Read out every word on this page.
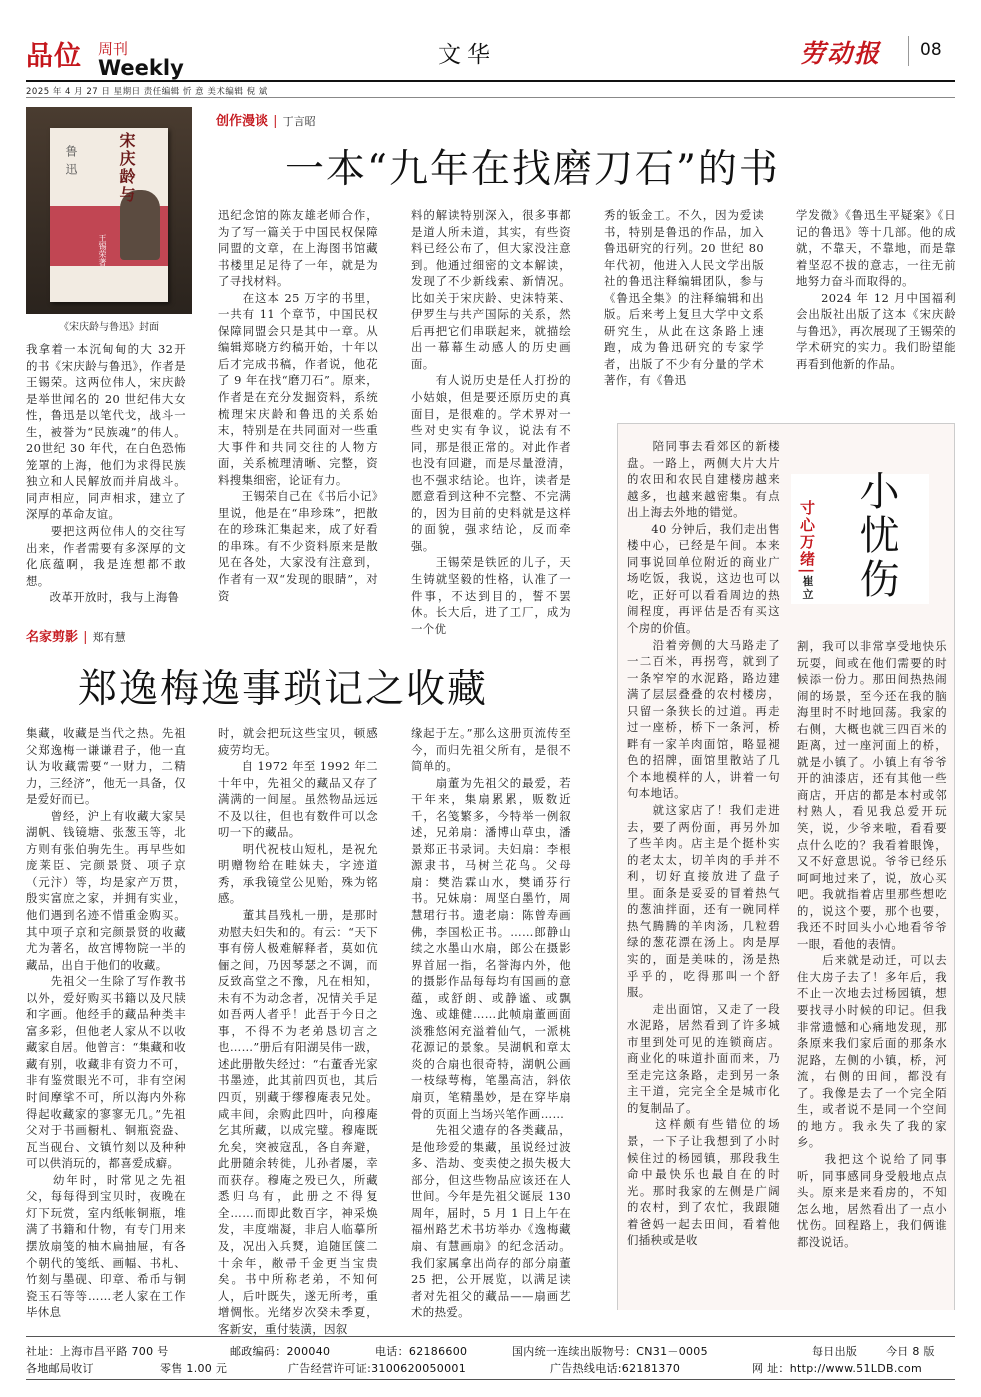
品位 周刊
Weekly	文华	劳动报 08
2025 年 4 月 27 日 星期日 责任编辑 忻 意 美术编辑 倪 斌
鲁迅	宋庆龄与
王锡荣著
《宋庆龄与鲁迅》封面
创作漫谈 | 丁言昭
一本“九年在找磨刀石”的书
我拿着一本沉甸甸的大 32开的书《宋庆龄与鲁迅》，作者是王锡荣。这两位伟人，宋庆龄是举世闻名的 20 世纪伟大女性，鲁迅是以笔代戈，战斗一生，被誉为“民族魂”的伟人。20世纪 30 年代，在白色恐怖笼罩的上海，他们为求得民族独立和人民解放而并肩战斗。同声相应，同声相求，建立了深厚的革命友谊。
　　要把这两位伟人的交往写出来，作者需要有多深厚的文化底蕴啊，我是连想都不敢想。
　　改革开放时，我与上海鲁
迅纪念馆的陈友雄老师合作，为了写一篇关于中国民权保障同盟的文章，在上海图书馆藏书楼里足足待了一年，就是为了寻找材料。
　　在这本 25 万字的书里，一共有 11 个章节，中国民权保障同盟会只是其中一章。从编辑郑晓方约稿开始，十年以后才完成书稿，作者说，他花了 9 年在找“磨刀石”。原来，作者是在充分发掘资料，系统梳理宋庆龄和鲁迅的关系始末，特别是在共同面对一些重大事件和共同交往的人物方面，关系梳理清晰、完整，资料搜集细密，论证有力。
　　王锡荣自己在《书后小记》里说，他是在“串珍珠”，把散在的珍珠汇集起来，成了好看的串珠。有不少资料原来是散见在各处，大家没有注意到，作者有一双“发现的眼睛”，对资
料的解读特别深入，很多事都是道人所未道，其实，有些资料已经公布了，但大家没注意到。他通过细密的文本解读，发现了不少新线索、新情况。比如关于宋庆龄、史沫特莱、伊罗生与共产国际的关系，然后再把它们串联起来，就描绘出一幕幕生动感人的历史画面。
　　有人说历史是任人打扮的小姑娘，但是要还原历史的真面目，是很难的。学术界对一些对史实有争议，说法有不同，那是很正常的。对此作者也没有回避，而是尽量澄清，也不强求结论。也许，读者是愿意看到这种不完整、不完满的，因为目前的史料就是这样的面貌，强求结论，反而牵强。
　　王锡荣是铁匠的儿子，天生铸就坚毅的性格，认准了一件事，不达到目的，誓不罢休。长大后，进了工厂，成为一个优
秀的钣金工。不久，因为爱读书，特别是鲁迅的作品，加入鲁迅研究的行列。20 世纪 80 年代初，他进入人民文学出版社的鲁迅注释编辑团队，参与《鲁迅全集》的注释编辑和出版。后来考上复旦大学中文系研究生，从此在这条路上速跑，成为鲁迅研究的专家学者，出版了不少有分量的学术著作，有《鲁迅
学发微》《鲁迅生平疑案》《日记的鲁迅》等十几部。他的成就，不靠天，不靠地，而是靠着坚忍不拔的意志，一往无前地努力奋斗而取得的。
　　2024 年 12 月中国福利会出版社出版了这本《宋庆龄与鲁迅》，再次展现了王锡荣的学术研究的实力。我们盼望能再看到他新的作品。
名家剪影 | 郑有慧
郑逸梅逸事琐记之收藏
集藏，收藏是当代之热。先祖父郑逸梅一谦谦君子，他一直认为收藏需要“一财力，二精力，三经济”，他无一具备，仅是爱好而已。
　　曾经，沪上有收藏大家吴湖帆、钱镜塘、张葱玉等，北方则有张伯驹先生。再早些如庞莱臣、完颜景贤、项子京（元汴）等，均是家产万贯，殷实富庶之家，并拥有实业，他们遇到名迹不惜重金购买。其中项子京和完颜景贤的收藏尤为著名，故宫博物院一半的藏品，出自于他们的收藏。
　　先祖父一生除了写作教书以外，爱好购买书籍以及尺牍和字画。他经手的藏品种类丰富多彩，但他老人家从不以收藏家自居。他曾言：“集藏和收藏有别，收藏非有资力不可，非有鉴赏眼光不可，非有空闲时间摩挲不可，所以海内外称得起收藏家的寥寥无几。”先祖父对于书画橱札、铜瓶瓷盎、瓦当砚台、文镇竹刻以及种种可以供消玩的，都喜爱成癖。
　　幼年时，时常见之先祖父，每每得到宝贝时，夜晚在灯下玩赏，室内纸帐铜瓶，堆满了书籍和什物，有专门用来摆放扇笺的柚木扁抽屉，有各个朝代的笺纸、画幅、书札、竹刻与墨砚、印章、希币与铜瓷玉石等等……老人家在工作毕休息
时，就会把玩这些宝贝，顿感疲劳均无。
　　自 1972 年至 1992 年二十年中，先祖父的藏品又存了满满的一间屋。虽然物品远远不及以往，但也有数件可以念叨一下的藏品。
　　明代祝枝山短札，是祝允明赠物给在畦妹夫，字迹道秀，承我镜堂公见贻，殊为铭感。
　　董其昌残札一册，是那时劝慰夫妇失和的。有云：“天下事有傍人极难解释者，莫如伉俪之间，乃因琴瑟之不调，而反致高堂之不豫，凡在相知，未有不为动念者，况情关手足如吾两人者乎！此吾于今日之事，不得不为老弟恳切言之也……”册后有阳湖吴伟一跋，述此册散失经过：“右董香光家书墨迹，此其前四页也，其后四页，别藏于缪穆庵表兄处。咸丰间，余购此四叶，向穆庵乞其所藏，以成完璧。穆庵既允矣，突被寇乱，各自奔避，此册随余转徙，儿孙者屡，幸而获存。穆庵之殁已久，所藏悉归乌有，此册之不得复全……而即此数百字，神采焕发，丰度端凝，非启人临摹所及，况出入兵燹，追随匡箧二十余年，敝帚千金更当宝贵矣。书中所称老弟，不知何人，后叶既失，遂无所考，重增惆怅。光绪岁次癸未季夏，客新安，重付装潢，因叙
缘起于左。”那么这册页流传至今，而归先祖父所有，是很不简单的。
　　扇董为先祖父的最爱，若干年来，集扇累累，贩数近千，名笺繁多，今特举一例叙述，兄弟扇：潘博山草虫，潘景郑正书录词。夫妇扇：李根源隶书，马树兰花鸟。父母扇：樊浩霖山水，樊诵芬行书。兄妹扇：周坚白墨竹，周慧珺行书。遗老扇：陈曾寿画佛，李国松正书。……郎静山续之水墨山水扇，郎公在摄影界首屈一指，名誉海内外，他的摄影作品每每均有国画的意蕴，或舒朗、或静谧、或飘逸、或雄健……此帧扇董画面淡雅悠闲充溢着仙气，一派桃花源记的景象。吴湖帆和章太炎的合扇也很奇特，湖帆公画一枝绿萼梅，笔墨高洁，斜依扇页，笔精墨妙，是在穿毕扇骨的页面上当场兴笔作画……
　　先祖父遗存的各类藏品，是他珍爱的集藏，虽说经过波多、浩劫、变卖使之损失极大部分，但这些物品应该还在人世间。今年是先祖父诞辰 130 周年，届时，5 月 1 日上午在福州路艺术书坊举办《逸梅藏扇、有慧画扇》的纪念活动。我们家属拿出尚存的部分扇董 25 把，公开展览，以满足读者对先祖父的藏品——扇画艺术的热爱。
寸心万绪|崔立 小忧伤
　　陪同事去看郊区的新楼盘。一路上，两侧大片大片的农田和农民自建楼房越来越多，也越来越密集。有点出上海去外地的错觉。
　　40 分钟后，我们走出售楼中心，已经是午间。本来同事说回单位附近的商业广场吃饭，我说，这边也可以吃，正好可以看看周边的热闹程度，再评估是否有买这个房的价值。
　　沿着旁侧的大马路走了一二百米，再拐弯，就到了一条窄窄的水泥路，路边建满了层层叠叠的农村楼房，只留一条狭长的过道。再走过一座桥，桥下一条河，桥畔有一家羊肉面馆，略显褪色的招牌，面馆里散站了几个本地模样的人，讲着一句句本地话。
　　就这家店了！我们走进去，要了两份面，再另外加了些羊肉。店主是个挺朴实的老太太，切羊肉的手并不利，切好直接放进了盘子里。面条是妥妥的冒着热气的葱油拌面，还有一碗同样热气腾腾的羊肉汤，几粒碧绿的葱花漂在汤上。肉是厚实的，面是美味的，汤是热乎乎的，吃得那叫一个舒服。
　　走出面馆，又走了一段水泥路，居然看到了许多城市里到处可见的连锁商店。商业化的味道扑面而来，乃至走完这条路，走到另一条主干道，完完全全是城市化的复制品了。
　　这样颇有些错位的场景，一下子让我想到了小时候住过的杨园镇，那段我生命中最快乐也最自在的时光。那时我家的左侧是广阔的农村，到了农忙，我跟随着爸妈一起去田间，看着他们插秧或是收
割，我可以非常享受地快乐玩耍，间或在他们需要的时候添一份力。那田间热热闹闹的场景，至今还在我的脑海里时不时地回荡。我家的右侧，大概也就三四百米的距离，过一座河面上的桥，就是小镇了。小镇上有爷爷开的油漆店，还有其他一些商店，开店的都是本村或邻村熟人，看见我总爱开玩笑，说，少爷来啦，看看要点什么吃的？我看着眼馋，又不好意思说。爷爷已经乐呵呵地过来了，说，放心买吧。我就指着店里那些想吃的，说这个要，那个也要，我还不时回头小心地看爷爷一眼，看他的表情。
　　后来就是动迁，可以去住大房子去了！多年后，我不止一次地去过杨园镇，想要找寻小时候的印记。但我非常遗憾和心痛地发现，那条原来我们家后面的那条水泥路，左侧的小镇，桥，河流，右侧的田间，都没有了。我像是去了一个完全陌生，或者说不是同一个空间的地方。我永失了我的家乡。
　　我把这个说给了同事听，同事感同身受般地点点头。原来是来看房的，不知怎么地，居然看出了一点小忧伤。回程路上，我们俩谁都没说话。
社址：上海市昌平路 700 号	邮政编码：200040	电话：62186600	国内统一连续出版物号：CN31－0005	每日出版	今日 8 版
各地邮局收订	零售 1.00 元	广告经营许可证:3100620050001	广告热线电话:62181370	网 址：http://www.51LDB.com
